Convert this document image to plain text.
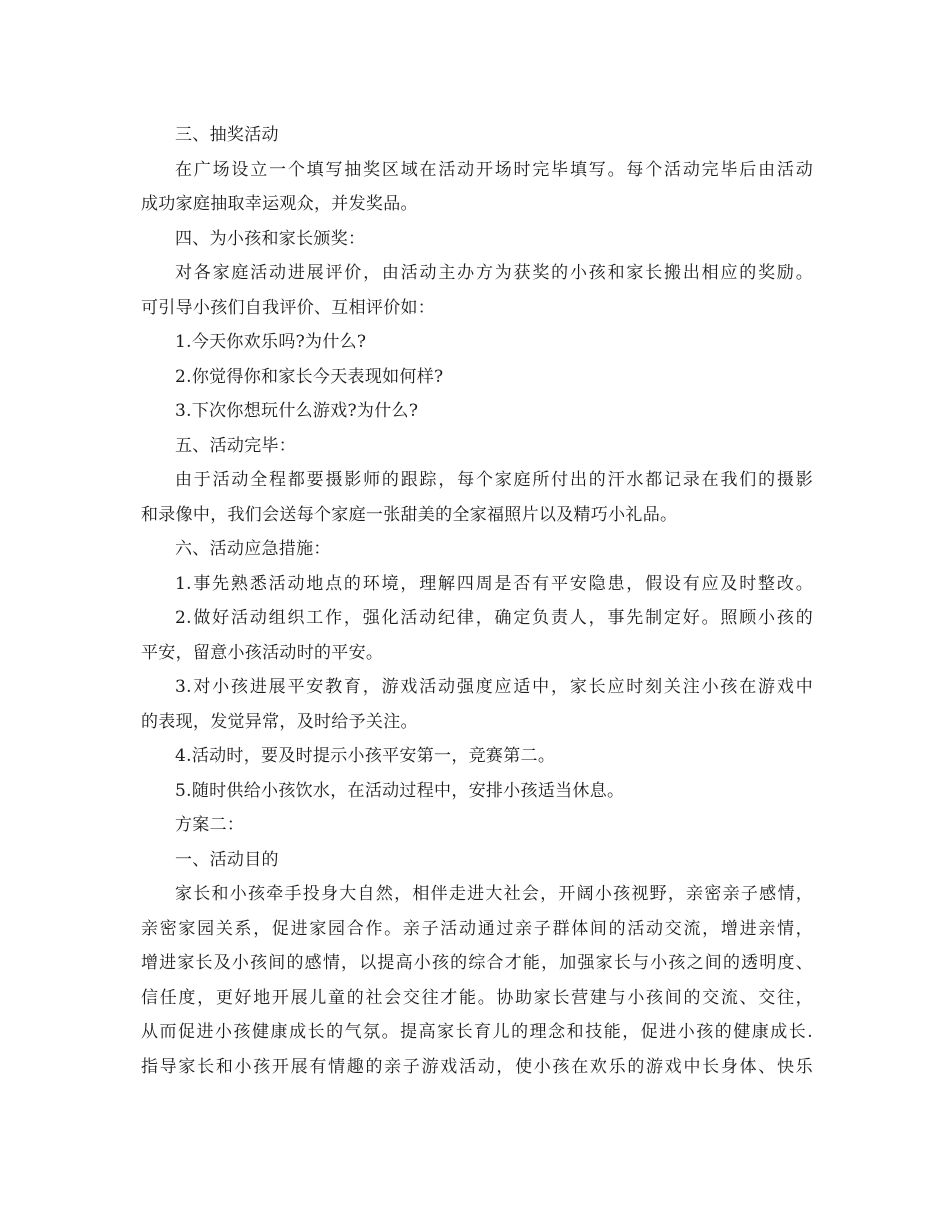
三、抽奖活动
在广场设立一个填写抽奖区域在活动开场时完毕填写。每个活动完毕后由活动
成功家庭抽取幸运观众，并发奖品。
四、为小孩和家长颁奖：
对各家庭活动进展评价，由活动主办方为获奖的小孩和家长搬出相应的奖励。
可引导小孩们自我评价、互相评价如：
1.今天你欢乐吗?为什么?
2.你觉得你和家长今天表现如何样?
3.下次你想玩什么游戏?为什么?
五、活动完毕：
由于活动全程都要摄影师的跟踪，每个家庭所付出的汗水都记录在我们的摄影
和录像中，我们会送每个家庭一张甜美的全家福照片以及精巧小礼品。
六、活动应急措施：
1.事先熟悉活动地点的环境，理解四周是否有平安隐患，假设有应及时整改。
2.做好活动组织工作，强化活动纪律，确定负责人，事先制定好。照顾小孩的
平安，留意小孩活动时的平安。
3.对小孩进展平安教育，游戏活动强度应适中，家长应时刻关注小孩在游戏中
的表现，发觉异常，及时给予关注。
4.活动时，要及时提示小孩平安第一，竞赛第二。
5.随时供给小孩饮水，在活动过程中，安排小孩适当休息。
方案二：
一、活动目的
家长和小孩牵手投身大自然，相伴走进大社会，开阔小孩视野，亲密亲子感情，
亲密家园关系，促进家园合作。亲子活动通过亲子群体间的活动交流，增进亲情，
增进家长及小孩间的感情，以提高小孩的综合才能，加强家长与小孩之间的透明度、
信任度，更好地开展儿童的社会交往才能。协助家长营建与小孩间的交流、交往，
从而促进小孩健康成长的气氛。提高家长育儿的理念和技能，促进小孩的健康成长.
指导家长和小孩开展有情趣的亲子游戏活动，使小孩在欢乐的游戏中长身体、快乐
